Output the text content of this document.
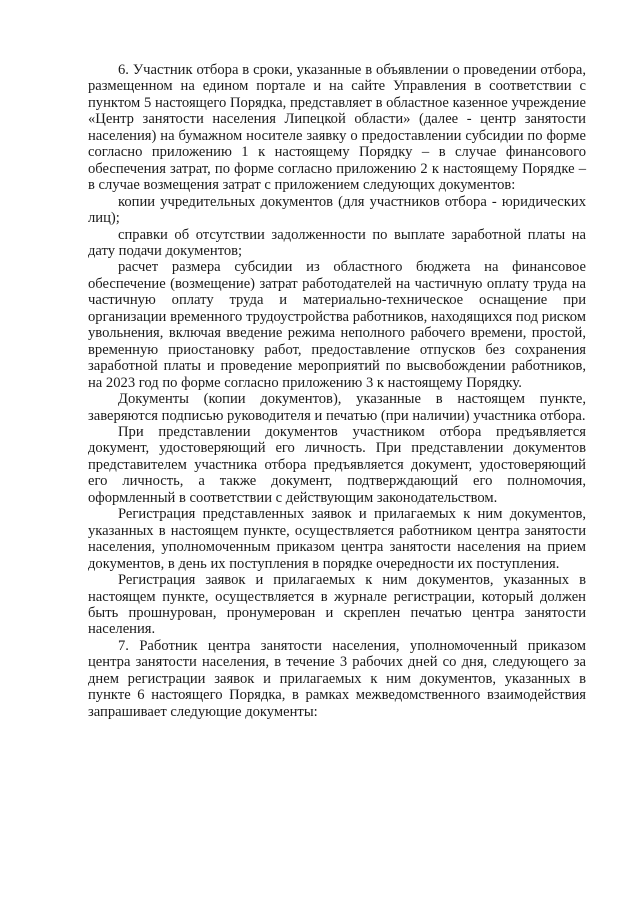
6. Участник отбора в сроки, указанные в объявлении о проведении отбора, размещенном на едином портале и на сайте Управления в соответствии с пунктом 5 настоящего Порядка, представляет в областное казенное учреждение «Центр занятости населения Липецкой области» (далее - центр занятости населения) на бумажном носителе заявку о предоставлении субсидии по форме согласно приложению 1 к настоящему Порядку – в случае финансового обеспечения затрат, по форме согласно приложению 2 к настоящему Порядке – в случае возмещения затрат с приложением следующих документов:

копии учредительных документов (для участников отбора - юридических лиц);

справки об отсутствии задолженности по выплате заработной платы на дату подачи документов;

расчет размера субсидии из областного бюджета на финансовое обеспечение (возмещение) затрат работодателей на частичную оплату труда на частичную оплату труда и материально-техническое оснащение при организации временного трудоустройства работников, находящихся под риском увольнения, включая введение режима неполного рабочего времени, простой, временную приостановку работ, предоставление отпусков без сохранения заработной платы и проведение мероприятий по высвобождении работников, на 2023 год по форме согласно приложению 3 к настоящему Порядку.

Документы (копии документов), указанные в настоящем пункте, заверяются подписью руководителя и печатью (при наличии) участника отбора.

При представлении документов участником отбора предъявляется документ, удостоверяющий его личность. При представлении документов представителем участника отбора предъявляется документ, удостоверяющий его личность, а также документ, подтверждающий его полномочия, оформленный в соответствии с действующим законодательством.

Регистрация представленных заявок и прилагаемых к ним документов, указанных в настоящем пункте, осуществляется работником центра занятости населения, уполномоченным приказом центра занятости населения на прием документов, в день их поступления в порядке очередности их поступления.

Регистрация заявок и прилагаемых к ним документов, указанных в настоящем пункте, осуществляется в журнале регистрации, который должен быть прошнурован, пронумерован и скреплен печатью центра занятости населения.

7. Работник центра занятости населения, уполномоченный приказом центра занятости населения, в течение 3 рабочих дней со дня, следующего за днем регистрации заявок и прилагаемых к ним документов, указанных в пункте 6 настоящего Порядка, в рамках межведомственного взаимодействия запрашивает следующие документы:
